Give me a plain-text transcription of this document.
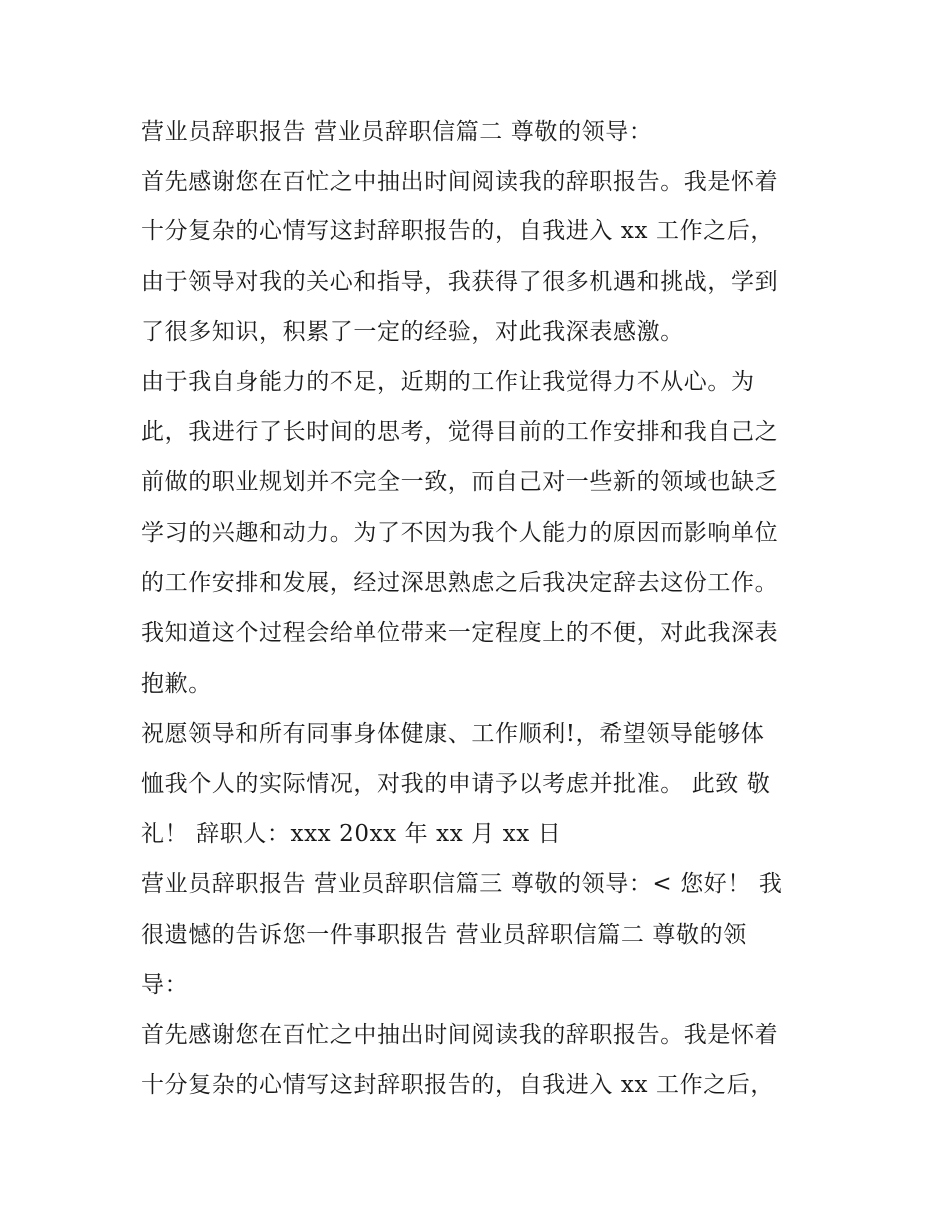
营业员辞职报告 营业员辞职信篇二 尊敬的领导：
首先感谢您在百忙之中抽出时间阅读我的辞职报告。我是怀着
十分复杂的心情写这封辞职报告的，自我进入 xx 工作之后，
由于领导对我的关心和指导，我获得了很多机遇和挑战，学到
了很多知识，积累了一定的经验，对此我深表感激。
由于我自身能力的不足，近期的工作让我觉得力不从心。为
此，我进行了长时间的思考，觉得目前的工作安排和我自己之
前做的职业规划并不完全一致，而自己对一些新的领域也缺乏
学习的兴趣和动力。为了不因为我个人能力的原因而影响单位
的工作安排和发展，经过深思熟虑之后我决定辞去这份工作。
我知道这个过程会给单位带来一定程度上的不便，对此我深表
抱歉。
祝愿领导和所有同事身体健康、工作顺利!，希望领导能够体
恤我个人的实际情况，对我的申请予以考虑并批准。 此致 敬
礼！ 辞职人：xxx 20xx 年 xx 月 xx 日
营业员辞职报告 营业员辞职信篇三 尊敬的领导：< 您好！ 我
很遗憾的告诉您一件事职报告 营业员辞职信篇二 尊敬的领
导：
首先感谢您在百忙之中抽出时间阅读我的辞职报告。我是怀着
十分复杂的心情写这封辞职报告的，自我进入 xx 工作之后，
